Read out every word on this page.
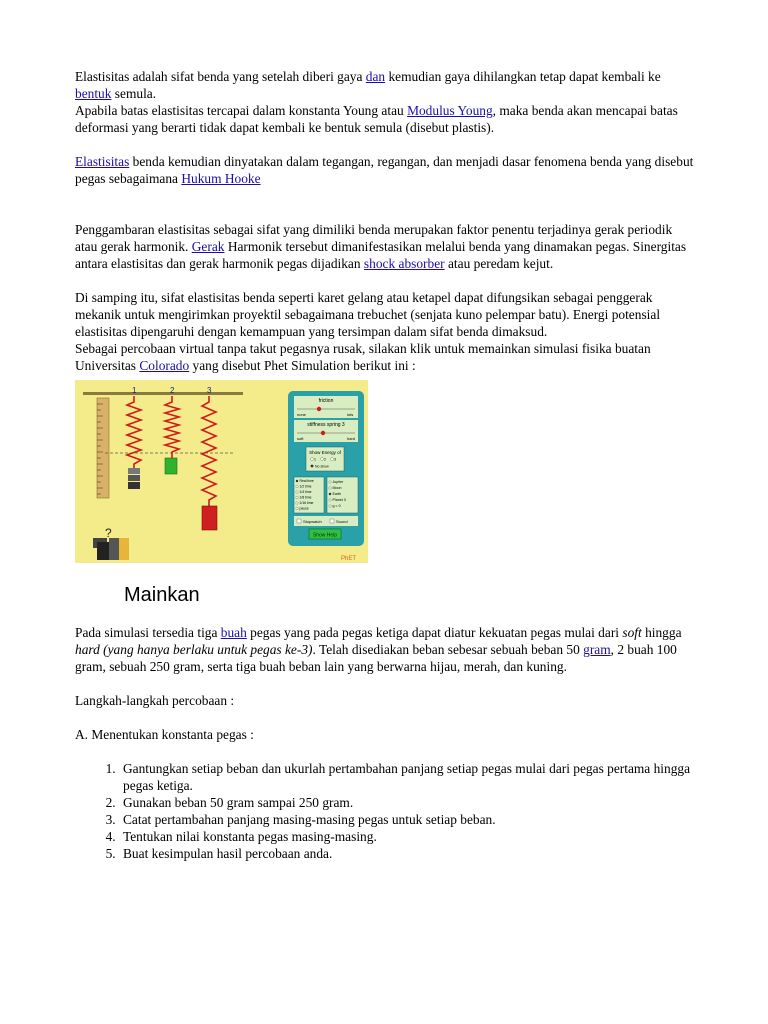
Elastisitas adalah sifat benda yang setelah diberi gaya dan kemudian gaya dihilangkan tetap dapat kembali ke bentuk semula.

Apabila batas elastisitas tercapai dalam konstanta Young atau Modulus Young, maka benda akan mencapai batas deformasi yang berarti tidak dapat kembali ke bentuk semula (disebut plastis).

Elastisitas benda kemudian dinyatakan dalam tegangan, regangan, dan menjadi dasar fenomena benda yang disebut pegas sebagaimana Hukum Hooke

Penggambaran elastisitas sebagai sifat yang dimiliki benda merupakan faktor penentu terjadinya gerak periodik atau gerak harmonik. Gerak Harmonik tersebut dimanifestasikan melalui benda yang dinamakan pegas. Sinergitas antara elastisitas dan gerak harmonik pegas dijadikan shock absorber atau peredam kejut.

Di samping itu, sifat elastisitas benda seperti karet gelang atau ketapel dapat difungsikan sebagai penggerak mekanik untuk mengirimkan proyektil sebagaimana trebuchet (senjata kuno pelempar batu). Energi potensial elastisitas dipengaruhi dengan kemampuan yang tersimpan dalam sifat benda dimaksud.

Sebagai percobaan virtual tanpa takut pegasnya rusak, silakan klik untuk memainkan simulasi fisika buatan Universitas Colorado yang disebut Phet Simulation berikut ini :

1	2	3
?
friction
none	lots
stiffness spring 3
soft	hard
Show Energy of
1 2 3
No show
Real time
1/2 time
1/4 time
1/8 time
1/16 time
pause
Jupiter
Moon
Earth
Planet X
g = 0
Stopwatch	Sound
Show Help
PhET
Mainkan

Pada simulasi tersedia tiga buah pegas yang pada pegas ketiga dapat diatur kekuatan pegas mulai dari soft hingga hard (yang hanya berlaku untuk pegas ke-3). Telah disediakan beban sebesar sebuah beban 50 gram, 2 buah 100 gram, sebuah 250 gram, serta tiga buah beban lain yang berwarna hijau, merah, dan kuning.

Langkah-langkah percobaan :

A. Menentukan konstanta pegas :

1. Gantungkan setiap beban dan ukurlah pertambahan panjang setiap pegas mulai dari pegas pertama hingga pegas ketiga.
2. Gunakan beban 50 gram sampai 250 gram.
3. Catat pertambahan panjang masing-masing pegas untuk setiap beban.
4. Tentukan nilai konstanta pegas masing-masing.
5. Buat kesimpulan hasil percobaan anda.
